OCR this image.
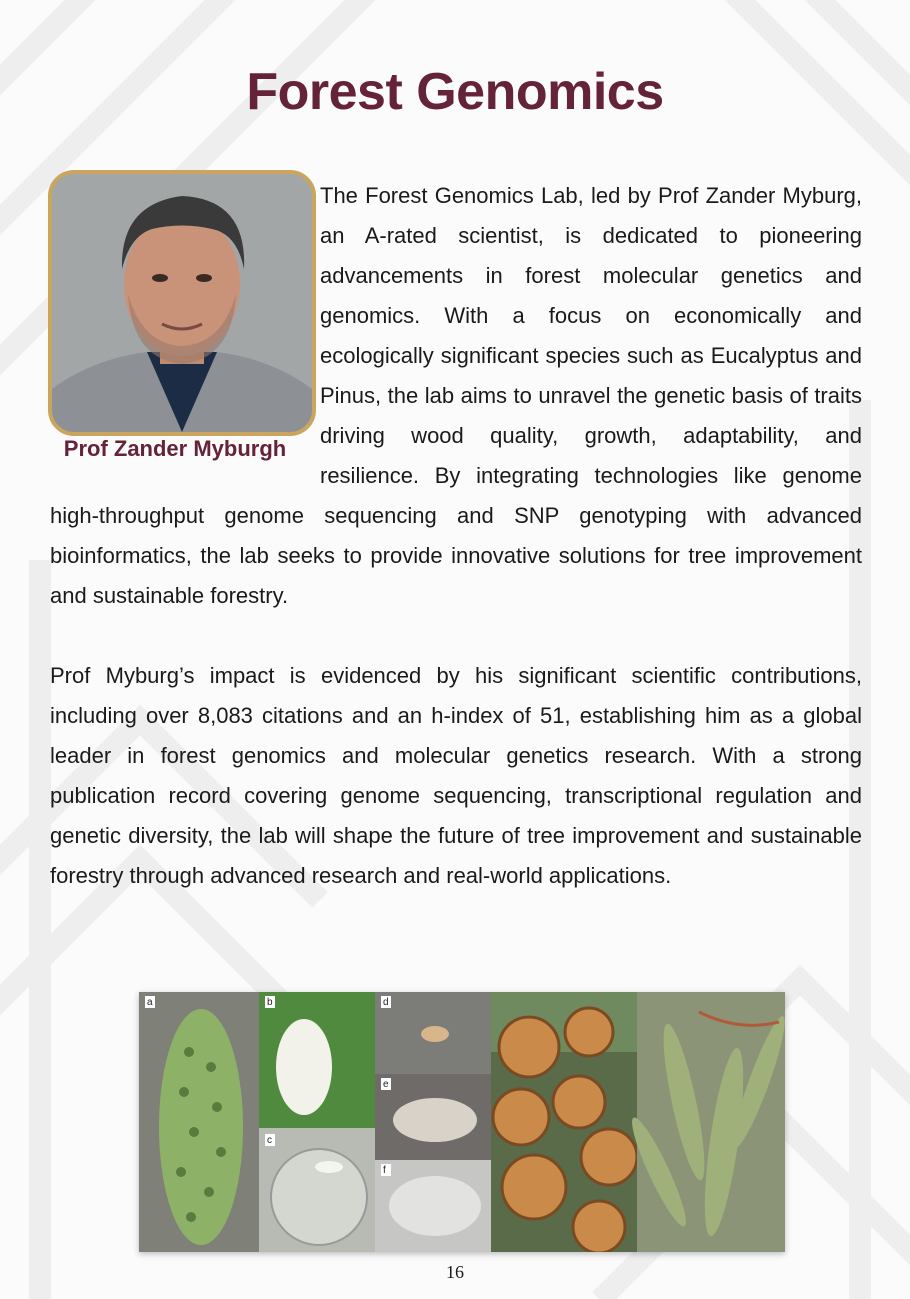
Forest Genomics
Prof Zander Myburgh

The Forest Genomics Lab, led by Prof Zander Myburg, an A-rated scientist, is dedicated to pioneering advancements in forest molecular genetics and genomics. With a focus on economically and ecologically significant species such as Eucalyptus and Pinus, the lab aims to unravel the genetic basis of traits driving wood quality, growth, adaptability, and resilience. By integrating technologies like genome high-throughput genome sequencing and SNP genotyping with advanced bioinformatics, the lab seeks to provide innovative solutions for tree improvement and sustainable forestry.

Prof Myburg’s impact is evidenced by his significant scientific contributions, including over 8,083 citations and an h-index of 51, establishing him as a global leader in forest genomics and molecular genetics research. With a strong publication record covering genome sequencing, transcriptional regulation and genetic diversity, the lab will shape the future of tree improvement and sustainable forestry through advanced research and real-world applications.

a	b
c
d
e
f
16
